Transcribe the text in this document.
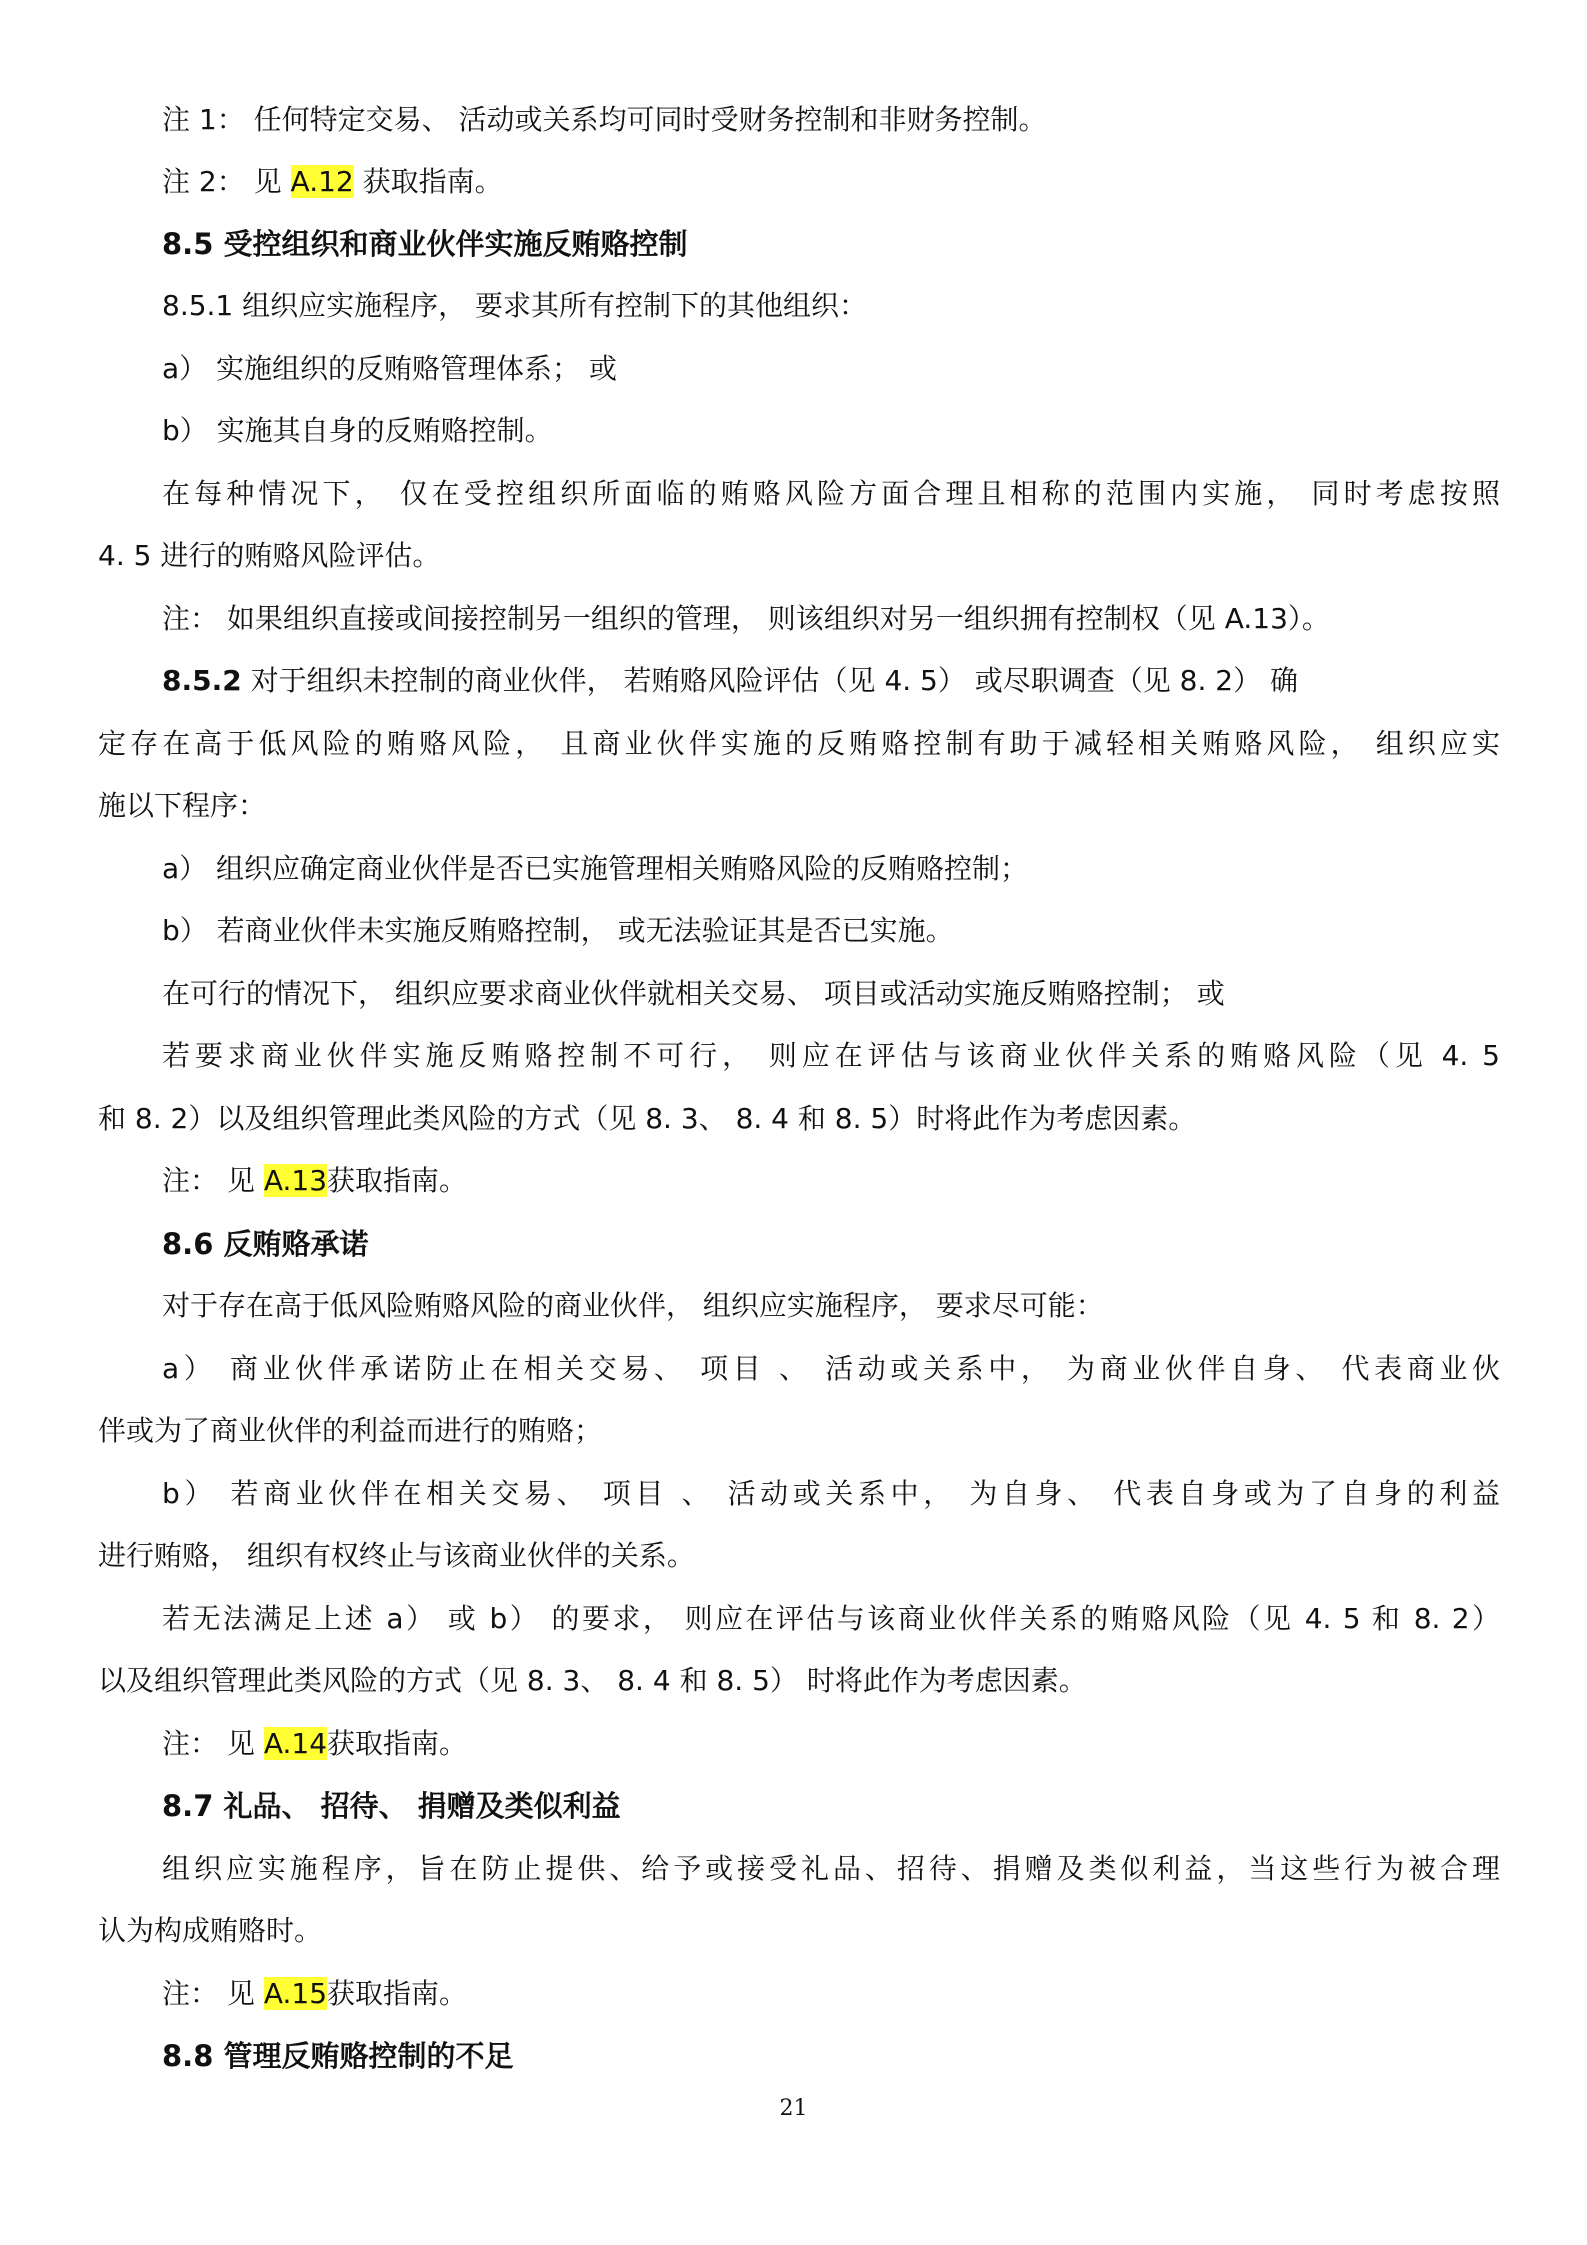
注 1： 任何特定交易、 活动或关系均可同时受财务控制和非财务控制。
注 2： 见 A.12 获取指南。
8.5 受控组织和商业伙伴实施反贿赂控制
8.5.1 组织应实施程序， 要求其所有控制下的其他组织：
a） 实施组织的反贿赂管理体系； 或
b） 实施其自身的反贿赂控制。
在每种情况下， 仅在受控组织所面临的贿赂风险方面合理且相称的范围内实施， 同时考虑按照
4. 5 进行的贿赂风险评估。
注： 如果组织直接或间接控制另一组织的管理， 则该组织对另一组织拥有控制权（见 A.13）。
8.5.2 对于组织未控制的商业伙伴， 若贿赂风险评估（见 4. 5） 或尽职调查（见 8. 2） 确
定存在高于低风险的贿赂风险， 且商业伙伴实施的反贿赂控制有助于减轻相关贿赂风险， 组织应实
施以下程序：
a） 组织应确定商业伙伴是否已实施管理相关贿赂风险的反贿赂控制；
b） 若商业伙伴未实施反贿赂控制， 或无法验证其是否已实施。
在可行的情况下， 组织应要求商业伙伴就相关交易、 项目或活动实施反贿赂控制； 或
若要求商业伙伴实施反贿赂控制不可行， 则应在评估与该商业伙伴关系的贿赂风险（见 4. 5
和 8. 2）以及组织管理此类风险的方式（见 8. 3、 8. 4 和 8. 5）时将此作为考虑因素。
注： 见 A.13获取指南。
8.6 反贿赂承诺
对于存在高于低风险贿赂风险的商业伙伴， 组织应实施程序， 要求尽可能：
a） 商业伙伴承诺防止在相关交易、 项目 、 活动或关系中， 为商业伙伴自身、 代表商业伙
伴或为了商业伙伴的利益而进行的贿赂；
b） 若商业伙伴在相关交易、 项目 、 活动或关系中， 为自身、 代表自身或为了自身的利益
进行贿赂， 组织有权终止与该商业伙伴的关系。
若无法满足上述 a） 或 b） 的要求， 则应在评估与该商业伙伴关系的贿赂风险（见 4. 5 和 8. 2）
以及组织管理此类风险的方式（见 8. 3、 8. 4 和 8. 5） 时将此作为考虑因素。
注： 见 A.14获取指南。
8.7 礼品、 招待、 捐赠及类似利益
组织应实施程序，旨在防止提供、给予或接受礼品、招待、捐赠及类似利益，当这些行为被合理
认为构成贿赂时。
注： 见 A.15获取指南。
8.8 管理反贿赂控制的不足
21
